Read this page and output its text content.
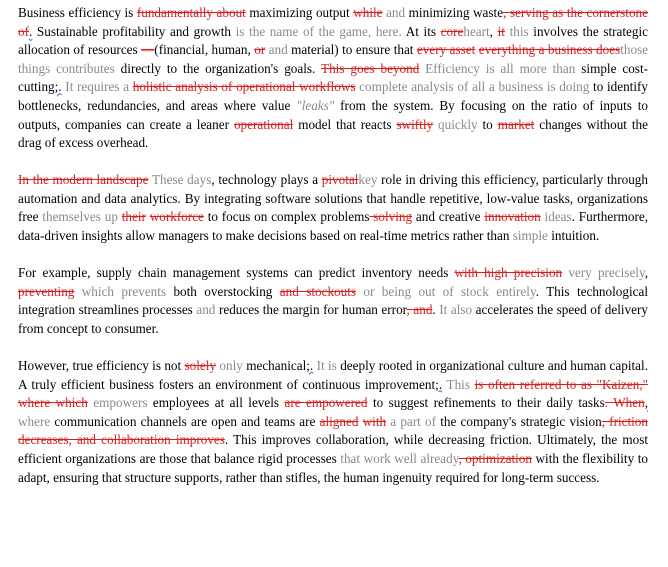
Business efficiency is fundamentally about maximizing output while and minimizing waste, serving as the cornerstone of. Sustainable profitability and growth is the name of the game, here. At its coreheart, it this involves the strategic allocation of resources —(financial, human, or and material) to ensure that every asset everything a business doesthose things contributes directly to the organization's goals. This goes beyond Efficiency is all more than simple cost-cutting;. It requires a holistic analysis of operational workflows complete analysis of all a business is doing to identify bottlenecks, redundancies, and areas where value "leaks" from the system. By focusing on the ratio of inputs to outputs, companies can create a leaner operational model that reacts swiftly quickly to market changes without the drag of excess overhead.

In the modern landscape These days, technology plays a pivotalkey role in driving this efficiency, particularly through automation and data analytics. By integrating software solutions that handle repetitive, low-value tasks, organizations free themselves up their workforce to focus on complex problems solving and creative innovation ideas. Furthermore, data-driven insights allow managers to make decisions based on real-time metrics rather than simple intuition.

For example, supply chain management systems can predict inventory needs with high precision very precisely, preventing which prevents both overstocking and stockouts or being out of stock entirely. This technological integration streamlines processes and reduces the margin for human error, and. It also accelerates the speed of delivery from concept to consumer.

However, true efficiency is not solely only mechanical;. It is deeply rooted in organizational culture and human capital. A truly efficient business fosters an environment of continuous improvement;. This is often referred to as "Kaizen," where which empowers employees at all levels are empowered to suggest refinements to their daily tasks. When, where communication channels are open and teams are aligned with a part of the company's strategic vision, friction decreases, and collaboration improves. This improves collaboration, while decreasing friction. Ultimately, the most efficient organizations are those that balance rigid processes that work well already, optimization with the flexibility to adapt, ensuring that structure supports, rather than stifles, the human ingenuity required for long-term success.
